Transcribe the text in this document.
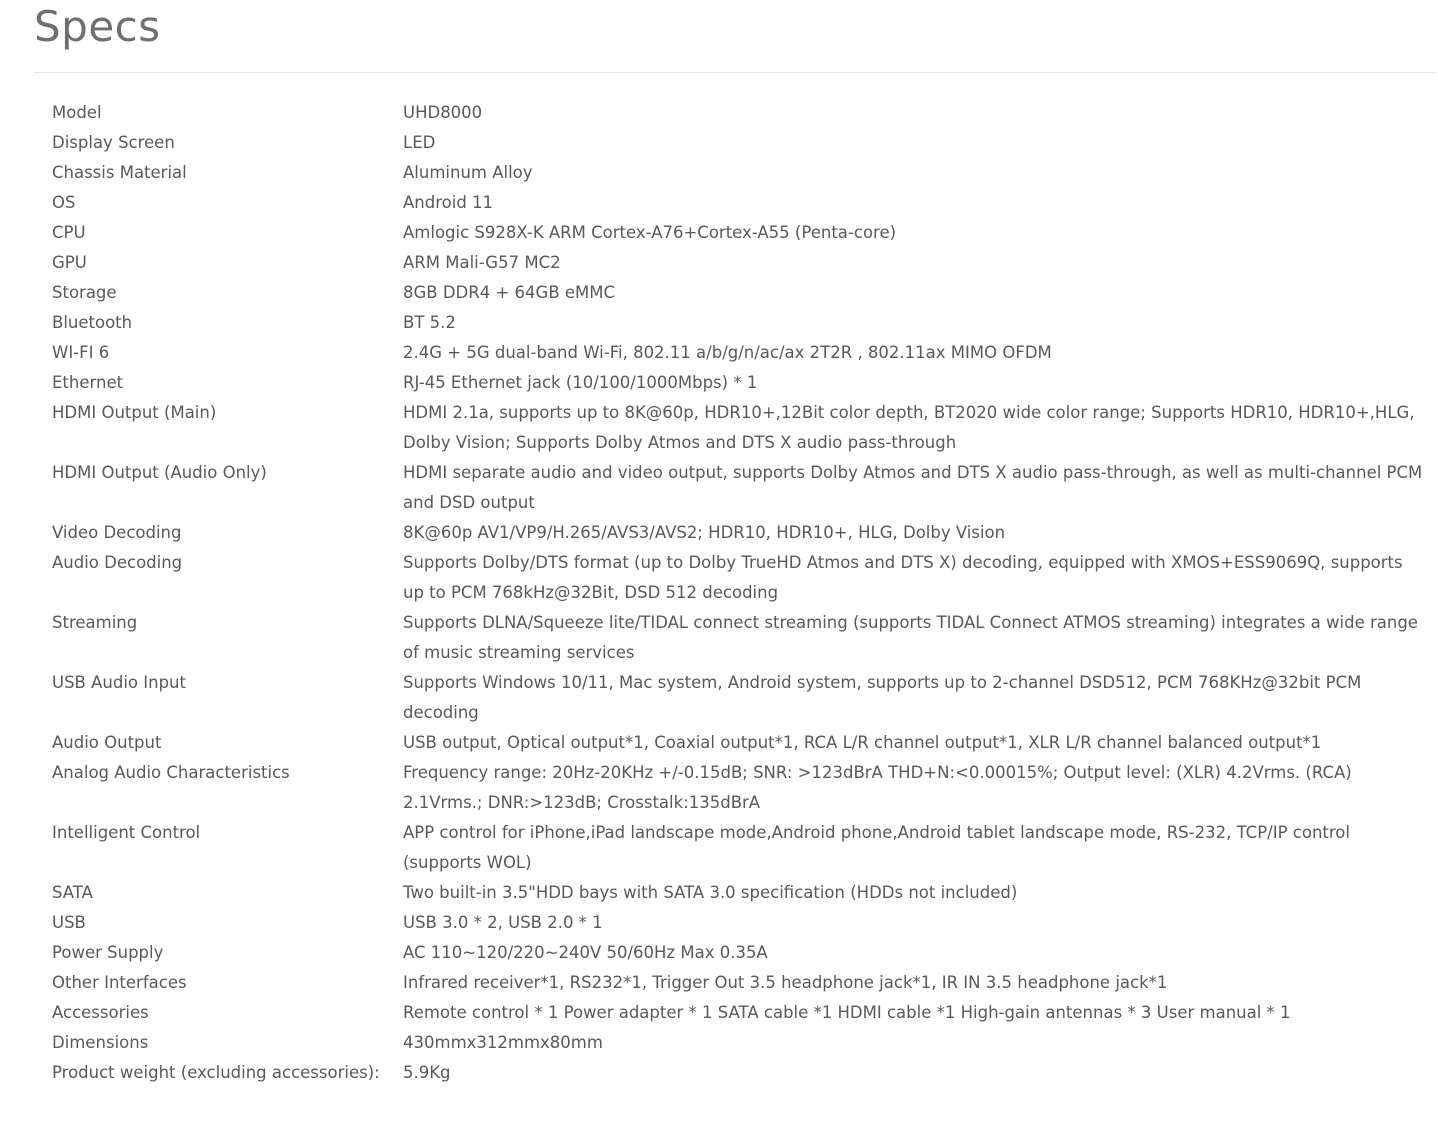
Specs
Model	UHD8000
Display Screen	LED
Chassis Material	Aluminum Alloy
OS	Android 11
CPU	Amlogic S928X-K ARM Cortex-A76+Cortex-A55 (Penta-core)
GPU	ARM Mali-G57 MC2
Storage	8GB DDR4 + 64GB eMMC
Bluetooth	BT 5.2
WI-FI 6	2.4G + 5G dual-band Wi-Fi, 802.11 a/b/g/n/ac/ax 2T2R , 802.11ax MIMO OFDM
Ethernet	RJ-45 Ethernet jack (10/100/1000Mbps) * 1
HDMI Output (Main)	HDMI 2.1a, supports up to 8K@60p, HDR10+,12Bit color depth, BT2020 wide color range; Supports HDR10, HDR10+,HLG, Dolby Vision; Supports Dolby Atmos and DTS X audio pass-through
HDMI Output (Audio Only)	HDMI separate audio and video output, supports Dolby Atmos and DTS X audio pass-through, as well as multi-channel PCM and DSD output
Video Decoding	8K@60p AV1/VP9/H.265/AVS3/AVS2; HDR10, HDR10+, HLG, Dolby Vision
Audio Decoding	Supports Dolby/DTS format (up to Dolby TrueHD Atmos and DTS X) decoding, equipped with XMOS+ESS9069Q, supports up to PCM 768kHz@32Bit, DSD 512 decoding
Streaming	Supports DLNA/Squeeze lite/TIDAL connect streaming (supports TIDAL Connect ATMOS streaming) integrates a wide range of music streaming services
USB Audio Input	Supports Windows 10/11, Mac system, Android system, supports up to 2-channel DSD512, PCM 768KHz@32bit PCM decoding
Audio Output	USB output, Optical output*1, Coaxial output*1, RCA L/R channel output*1, XLR L/R channel balanced output*1
Analog Audio Characteristics	Frequency range: 20Hz-20KHz +/-0.15dB; SNR: >123dBrA THD+N:<0.00015%; Output level: (XLR) 4.2Vrms. (RCA) 2.1Vrms.; DNR:>123dB; Crosstalk:135dBrA
Intelligent Control	APP control for iPhone,iPad landscape mode,Android phone,Android tablet landscape mode, RS-232, TCP/IP control (supports WOL)
SATA	Two built-in 3.5"HDD bays with SATA 3.0 specification (HDDs not included)
USB	USB 3.0 * 2, USB 2.0 * 1
Power Supply	AC 110~120/220~240V 50/60Hz Max 0.35A
Other Interfaces	Infrared receiver*1, RS232*1, Trigger Out 3.5 headphone jack*1, IR IN 3.5 headphone jack*1
Accessories	Remote control * 1 Power adapter * 1 SATA cable *1 HDMI cable *1 High-gain antennas * 3 User manual * 1
Dimensions	430mmx312mmx80mm
Product weight (excluding accessories):	5.9Kg
